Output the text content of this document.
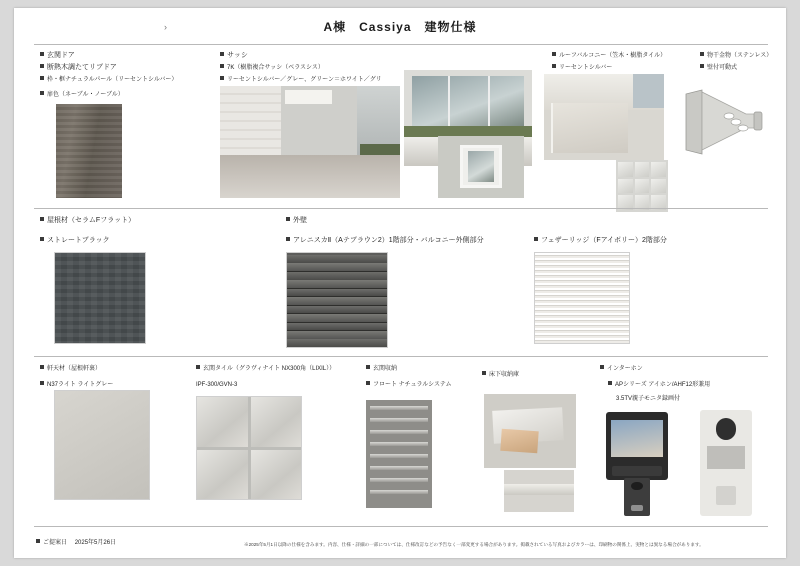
A棟　Cassiya　建物仕様
›
玄関ドア
断熱木調たてリブドア
枠・框ナチュラルパール（リーセントシルバー）
扉色（ネーブル・ノーブル）
サッシ
7K（樹脂複合サッシ（ベラスシス）
リーセントシルバー／グレー、グリーン＝ホワイト／グリ
ルーフバルコニー（笠木・樹脂タイル）
リーセントシルバー
物干金物（ステンレス）
壁付可動式
屋根材（セラムFフラット）
ストレートブラック
外壁
アレニスカⅡ（Aテブラウン2）1階部分・バルコニー外側部分	フェザーリッジ（Fアイボリー）2階部分
軒天材（屋根軒裏）
N37ライト ライトグレー
玄関タイル（グラヴィナイト NX300角（LIXIL））
IPF-300/GVN-3
玄関収納
フロート ナチュラルシステム
床下収納庫
インターホン
APシリーズ アイホン/AHF12形兼用
3.5TV親子モニタ録画付
ご提案日 2025年5月26日	※2025年5月1日以降の仕様を含みます。内容、仕様・詳細の一部については、仕様改訂などの予告なく一部変更する場合があります。掲載されている写真およびカラーは、印刷物の関係上、実物とは異なる場合があります。
